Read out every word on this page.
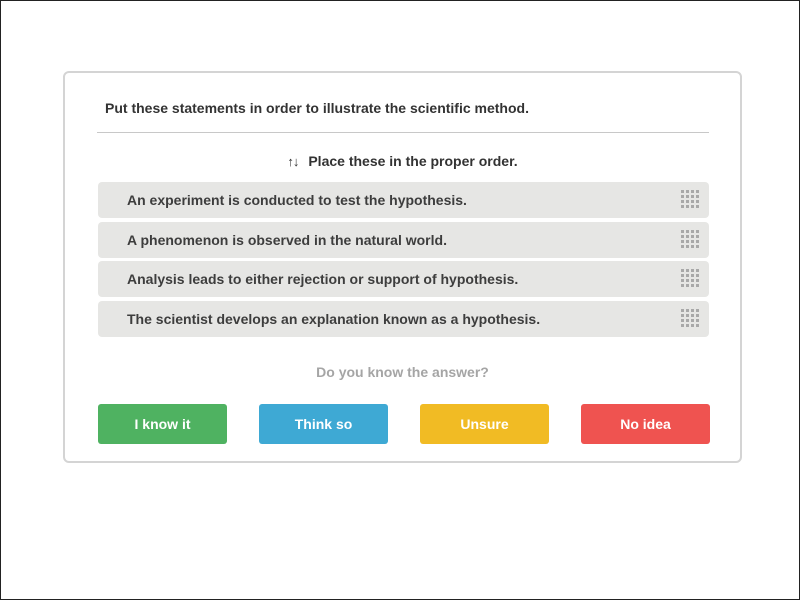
Put these statements in order to illustrate the scientific method.
↑↓ Place these in the proper order.
An experiment is conducted to test the hypothesis.
A phenomenon is observed in the natural world.
Analysis leads to either rejection or support of hypothesis.
The scientist develops an explanation known as a hypothesis.
Do you know the answer?
I know it	Think so	Unsure	No idea
